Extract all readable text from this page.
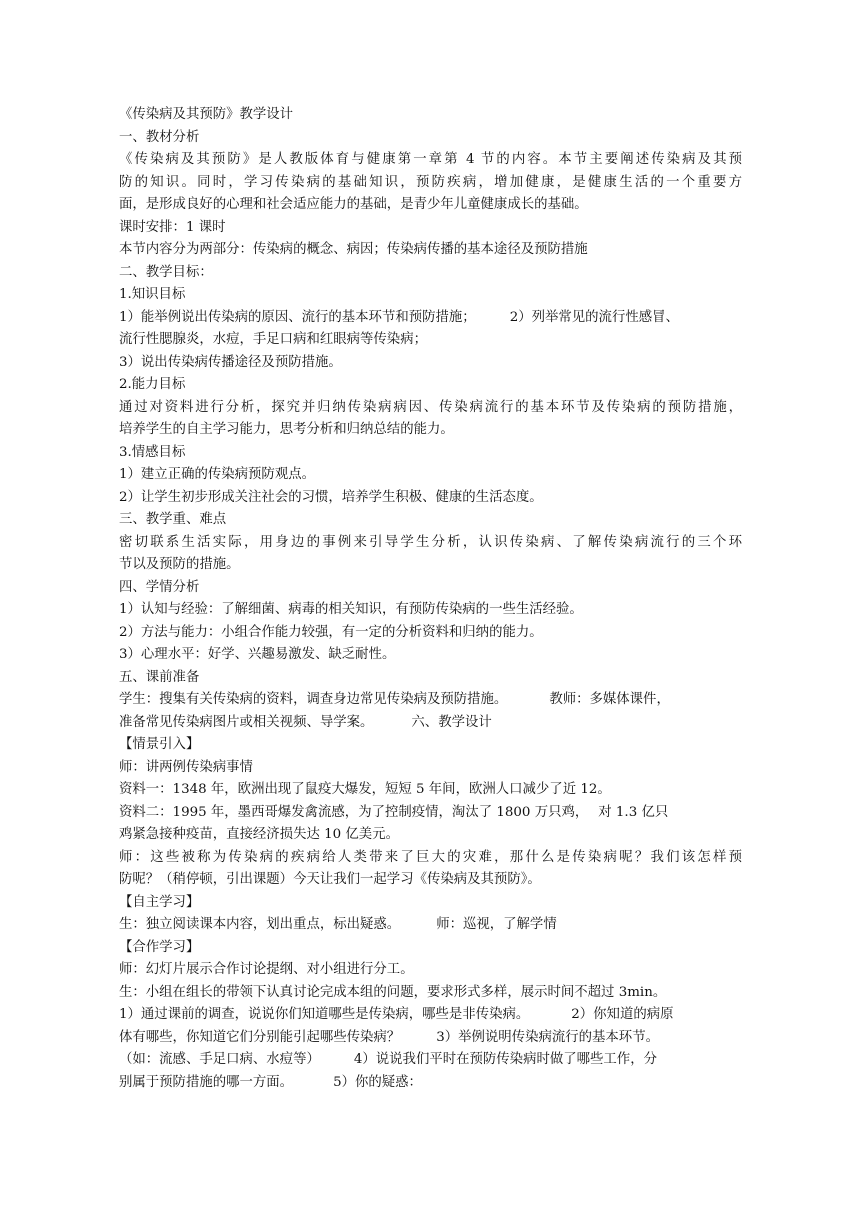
《传染病及其预防》教学设计
一、教材分析
《传染病及其预防》是人教版体育与健康第一章第 4 节的内容。本节主要阐述传染病及其预
防的知识。同时，学习传染病的基础知识，预防疾病，增加健康，是健康生活的一个重要方
面，是形成良好的心理和社会适应能力的基础，是青少年儿童健康成长的基础。
课时安排：1 课时
本节内容分为两部分：传染病的概念、病因；传染病传播的基本途径及预防措施
二、教学目标：
1.知识目标
1）能举例说出传染病的原因、流行的基本环节和预防措施；	2）列举常见的流行性感冒、
流行性腮腺炎，水痘，手足口病和红眼病等传染病；
3）说出传染病传播途径及预防措施。
2.能力目标
通过对资料进行分析，探究并归纳传染病病因、传染病流行的基本环节及传染病的预防措施，
培养学生的自主学习能力，思考分析和归纳总结的能力。
3.情感目标
1）建立正确的传染病预防观点。
2）让学生初步形成关注社会的习惯，培养学生积极、健康的生活态度。
三、教学重、难点
密切联系生活实际，用身边的事例来引导学生分析，认识传染病、了解传染病流行的三个环
节以及预防的措施。
四、学情分析
1）认知与经验：了解细菌、病毒的相关知识，有预防传染病的一些生活经验。
2）方法与能力：小组合作能力较强，有一定的分析资料和归纳的能力。
3）心理水平：好学、兴趣易激发、缺乏耐性。
五、课前准备
学生：搜集有关传染病的资料，调查身边常见传染病及预防措施。	教师：多媒体课件，
准备常见传染病图片或相关视频、导学案。	六、教学设计
【情景引入】
师：讲两例传染病事情
资料一：1348 年，欧洲出现了鼠疫大爆发，短短 5 年间，欧洲人口减少了近 12。
资料二：1995 年，墨西哥爆发禽流感，为了控制疫情，淘汰了 1800 万只鸡， 对 1.3 亿只
鸡紧急接种疫苗，直接经济损失达 10 亿美元。
师：这些被称为传染病的疾病给人类带来了巨大的灾难，那什么是传染病呢？我们该怎样预
防呢？（稍停顿，引出课题）今天让我们一起学习《传染病及其预防》。
【自主学习】
生：独立阅读课本内容，划出重点，标出疑惑。	师：巡视，了解学情
【合作学习】
师：幻灯片展示合作讨论提纲、对小组进行分工。
生：小组在组长的带领下认真讨论完成本组的问题，要求形式多样，展示时间不超过 3min。
1）通过课前的调查，说说你们知道哪些是传染病，哪些是非传染病。	2）你知道的病原
体有哪些，你知道它们分别能引起哪些传染病？	3）举例说明传染病流行的基本环节。
（如：流感、手足口病、水痘等）	4）说说我们平时在预防传染病时做了哪些工作，分
别属于预防措施的哪一方面。	5）你的疑惑：
